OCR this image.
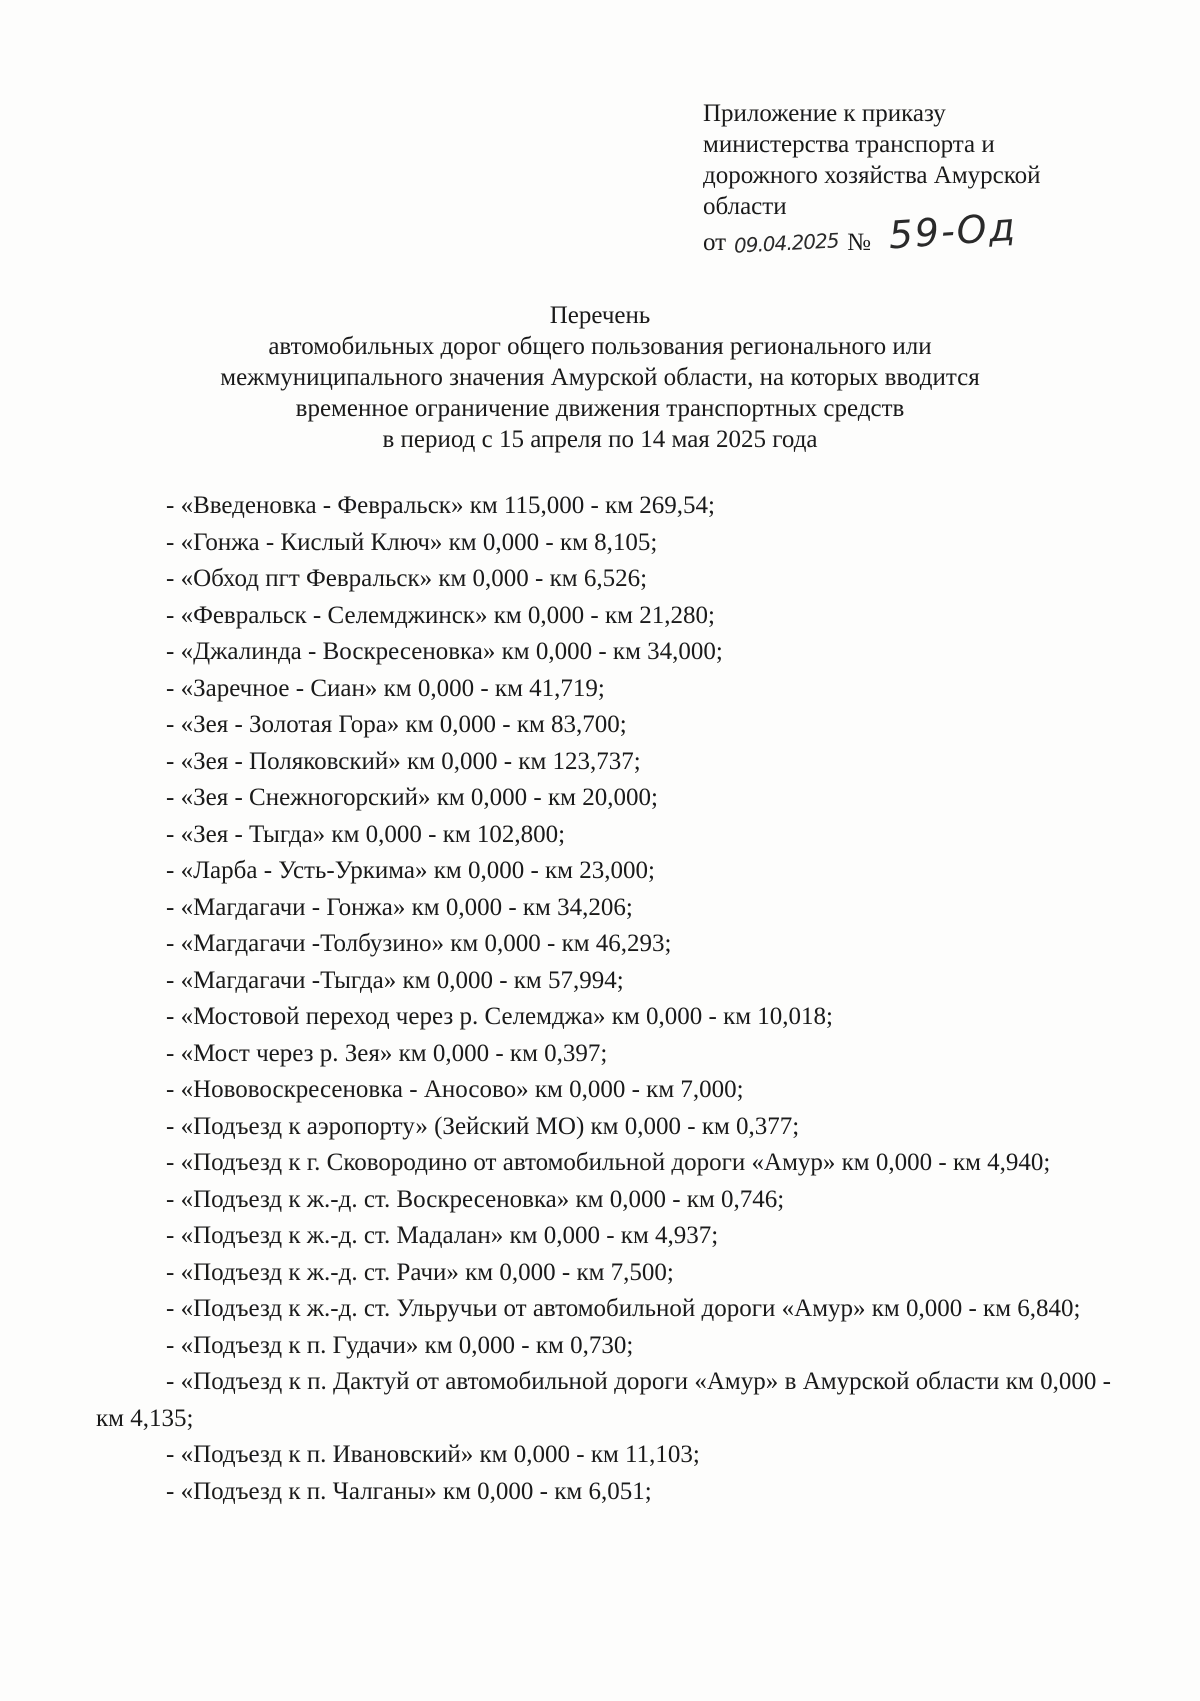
Приложение к приказу
министерства транспорта и
дорожного хозяйства Амурской
области
от 09.04.2025 № 59-Од
Перечень
автомобильных дорог общего пользования регионального или
межмуниципального значения Амурской области, на которых вводится
временное ограничение движения транспортных средств
в период с 15 апреля по 14 мая 2025 года
- «Введеновка - Февральск» км 115,000 - км 269,54;
- «Гонжа - Кислый Ключ» км 0,000 - км 8,105;
- «Обход пгт Февральск» км 0,000 - км 6,526;
- «Февральск - Селемджинск» км 0,000 - км 21,280;
- «Джалинда - Воскресеновка» км 0,000 - км 34,000;
- «Заречное - Сиан» км 0,000 - км 41,719;
- «Зея - Золотая Гора» км 0,000 - км 83,700;
- «Зея - Поляковский» км 0,000 - км 123,737;
- «Зея - Снежногорский» км 0,000 - км 20,000;
- «Зея - Тыгда» км 0,000 - км 102,800;
- «Ларба - Усть-Уркима» км 0,000 - км 23,000;
- «Магдагачи - Гонжа» км 0,000 - км 34,206;
- «Магдагачи -Толбузино» км 0,000 - км 46,293;
- «Магдагачи -Тыгда» км 0,000 - км 57,994;
- «Мостовой переход через р. Селемджа» км 0,000 - км 10,018;
- «Мост через р. Зея» км 0,000 - км 0,397;
- «Нововоскресеновка - Аносово» км 0,000 - км 7,000;
- «Подъезд к аэропорту» (Зейский МО) км 0,000 - км 0,377;
- «Подъезд к г. Сковородино от автомобильной дороги «Амур» км 0,000 - км 4,940;
- «Подъезд к ж.-д. ст. Воскресеновка» км 0,000 - км 0,746;
- «Подъезд к ж.-д. ст. Мадалан» км 0,000 - км 4,937;
- «Подъезд к ж.-д. ст. Рачи» км 0,000 - км 7,500;
- «Подъезд к ж.-д. ст. Ульручьи от автомобильной дороги «Амур» км 0,000 - км 6,840;
- «Подъезд к п. Гудачи» км 0,000 - км 0,730;
- «Подъезд к п. Дактуй от автомобильной дороги «Амур» в Амурской области км 0,000 - км 4,135;
- «Подъезд к п. Ивановский» км 0,000 - км 11,103;
- «Подъезд к п. Чалганы» км 0,000 - км 6,051;
